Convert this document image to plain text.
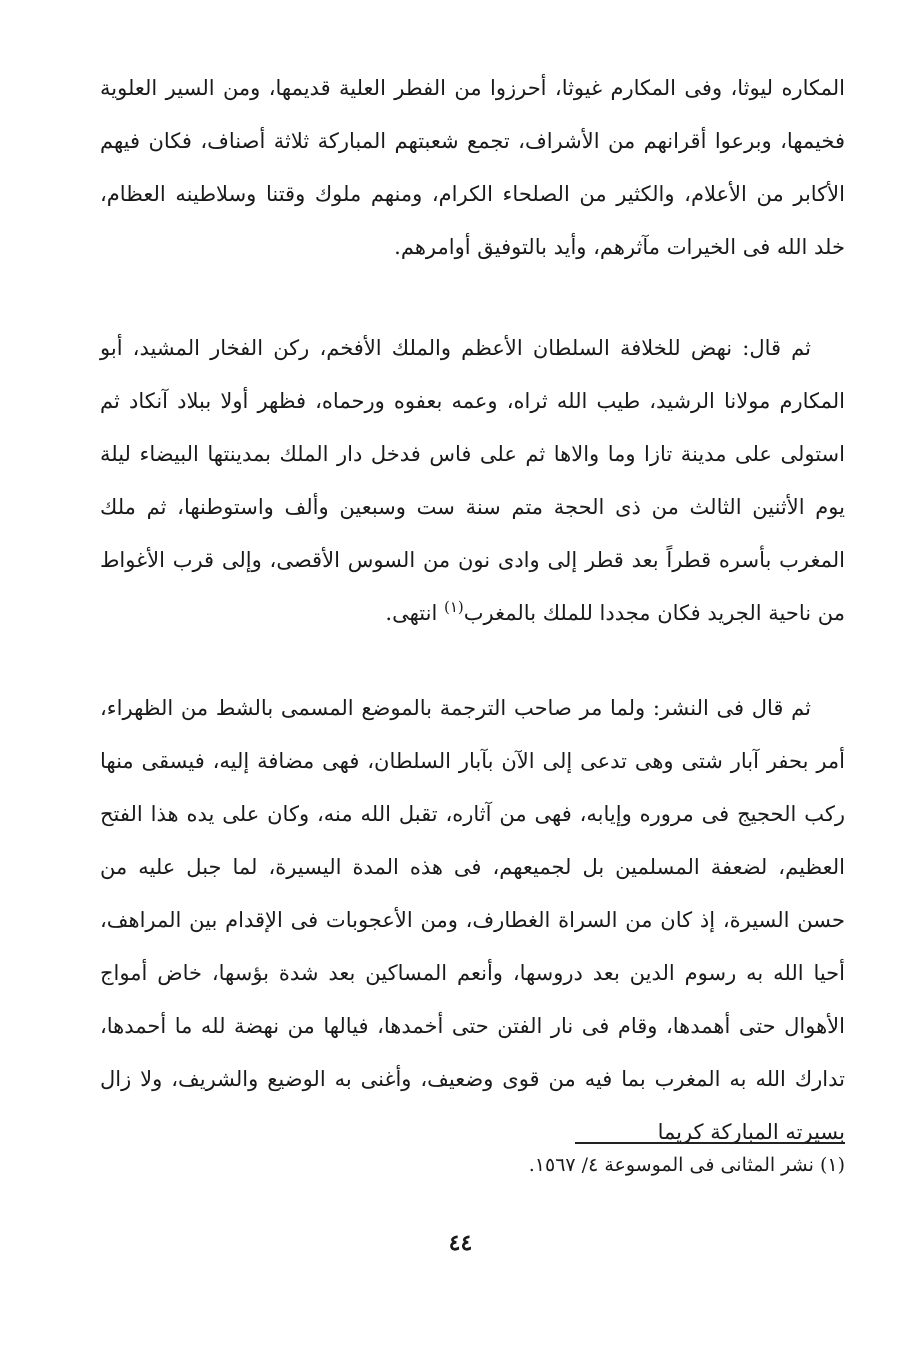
المكاره ليوثا، وفى المكارم غيوثا، أحرزوا من الفطر العلية قديمها، ومن السير العلوية فخيمها، وبرعوا أقرانهم من الأشراف، تجمع شعبتهم المباركة ثلاثة أصناف، فكان فيهم الأكابر من الأعلام، والكثير من الصلحاء الكرام، ومنهم ملوك وقتنا وسلاطينه العظام، خلد الله فى الخيرات مآثرهم، وأيد بالتوفيق أوامرهم.

ثم قال: نهض للخلافة السلطان الأعظم والملك الأفخم، ركن الفخار المشيد، أبو المكارم مولانا الرشيد، طيب الله ثراه، وعمه بعفوه ورحماه، فظهر أولا ببلاد آنكاد ثم استولى على مدينة تازا وما والاها ثم على فاس فدخل دار الملك بمدينتها البيضاء ليلة يوم الأثنين الثالث من ذى الحجة متم سنة ست وسبعين وألف واستوطنها، ثم ملك المغرب بأسره قطراً بعد قطر إلى وادى نون من السوس الأقصى، وإلى قرب الأغواط من ناحية الجريد فكان مجددا للملك بالمغرب$^{(١)}$ انتهى.

ثم قال فى النشر: ولما مر صاحب الترجمة بالموضع المسمى بالشط من الظهراء، أمر بحفر آبار شتى وهى تدعى إلى الآن بآبار السلطان، فهى مضافة إليه، فيسقى منها ركب الحجيج فى مروره وإيابه، فهى من آثاره، تقبل الله منه، وكان على يده هذا الفتح العظيم، لضعفة المسلمين بل لجميعهم، فى هذه المدة اليسيرة، لما جبل عليه من حسن السيرة، إذ كان من السراة الغطارف، ومن الأعجوبات فى الإقدام بين المراهف، أحيا الله به رسوم الدين بعد دروسها، وأنعم المساكين بعد شدة بؤسها، خاض أمواج الأهوال حتى أهمدها، وقام فى نار الفتن حتى أخمدها، فيالها من نهضة لله ما أحمدها، تدارك الله به المغرب بما فيه من قوى وضعيف، وأغنى به الوضيع والشريف، ولا زال بسيرته المباركة كريما

(١) نشر المثانى فى الموسوعة ٤/ ١٥٦٧.
٤٤
